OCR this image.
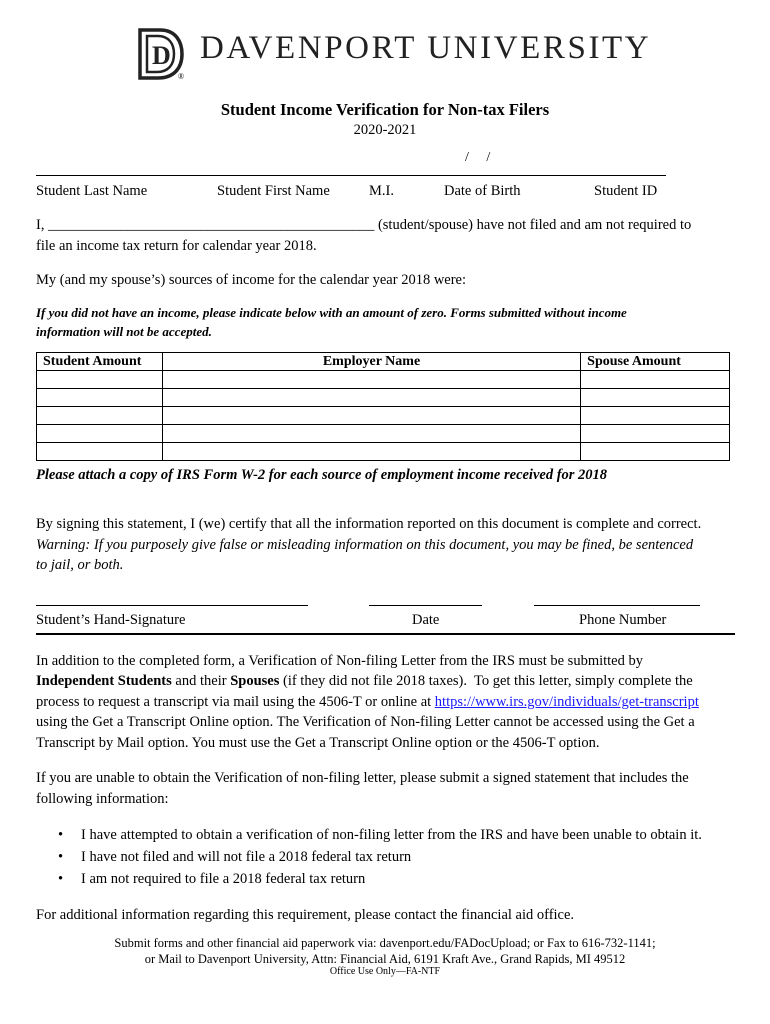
D
®
DAVENPORT UNIVERSITY
Student Income Verification for Non-tax Filers
2020-2021
/     /
Student Last Name	Student First Name	M.I.	Date of Birth	Student ID
I, _____________________________________________ (student/spouse) have not filed and am not required to
file an income tax return for calendar year 2018.
My (and my spouse’s) sources of income for the calendar year 2018 were:
If you did not have an income, please indicate below with an amount of zero. Forms submitted without income
information will not be accepted.
Student Amount	Employer Name	Spouse Amount

Please attach a copy of IRS Form W-2 for each source of employment income received for 2018
By signing this statement, I (we) certify that all the information reported on this document is complete and correct.
Warning: If you purposely give false or misleading information on this document, you may be fined, be sentenced
to jail, or both.
Student’s Hand-Signature	Date	Phone Number
In addition to the completed form, a Verification of Non-filing Letter from the IRS must be submitted by
Independent Students and their Spouses (if they did not file 2018 taxes).  To get this letter, simply complete the
process to request a transcript via mail using the 4506-T or online at https://www.irs.gov/individuals/get-transcript
using the Get a Transcript Online option. The Verification of Non-filing Letter cannot be accessed using the Get a
Transcript by Mail option. You must use the Get a Transcript Online option or the 4506-T option.
If you are unable to obtain the Verification of non-filing letter, please submit a signed statement that includes the
following information:
• I have attempted to obtain a verification of non-filing letter from the IRS and have been unable to obtain it.
• I have not filed and will not file a 2018 federal tax return
• I am not required to file a 2018 federal tax return
For additional information regarding this requirement, please contact the financial aid office.
Submit forms and other financial aid paperwork via: davenport.edu/FADocUpload; or Fax to 616-732-1141;
or Mail to Davenport University, Attn: Financial Aid, 6191 Kraft Ave., Grand Rapids, MI 49512
Office Use Only—FA-NTF
